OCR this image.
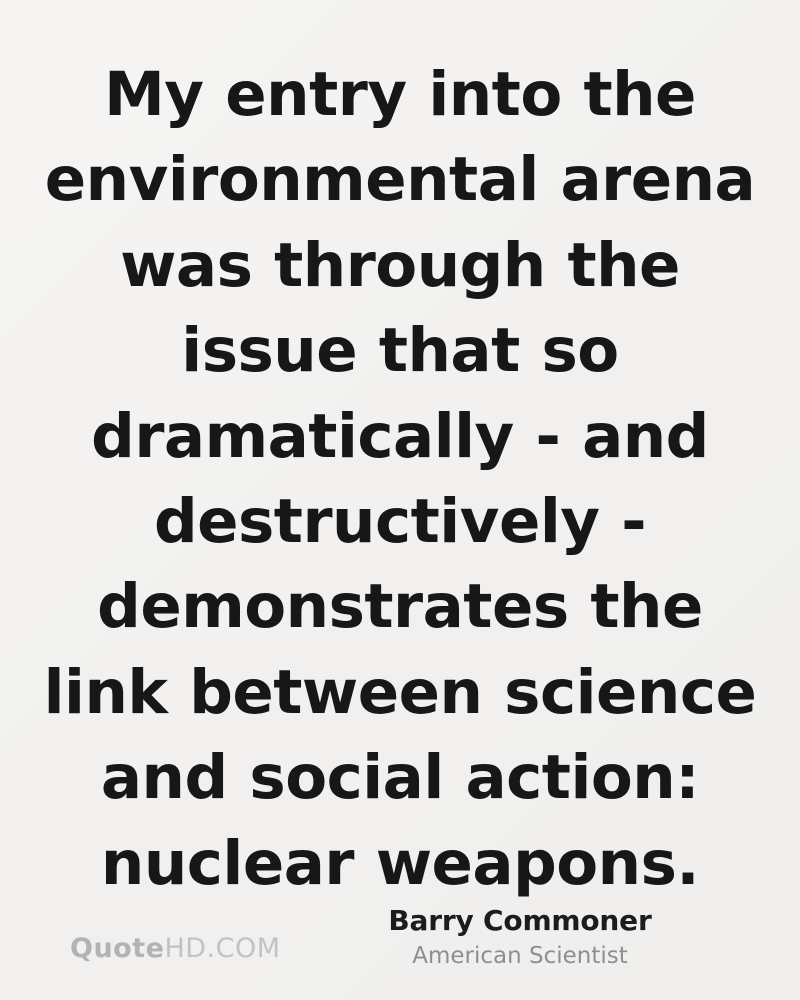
My entry into the environmental arena was through the issue that so dramatically - and destructively - demonstrates the link between science and social action: nuclear weapons.
QuoteHD.COM
Barry Commoner
American Scientist
